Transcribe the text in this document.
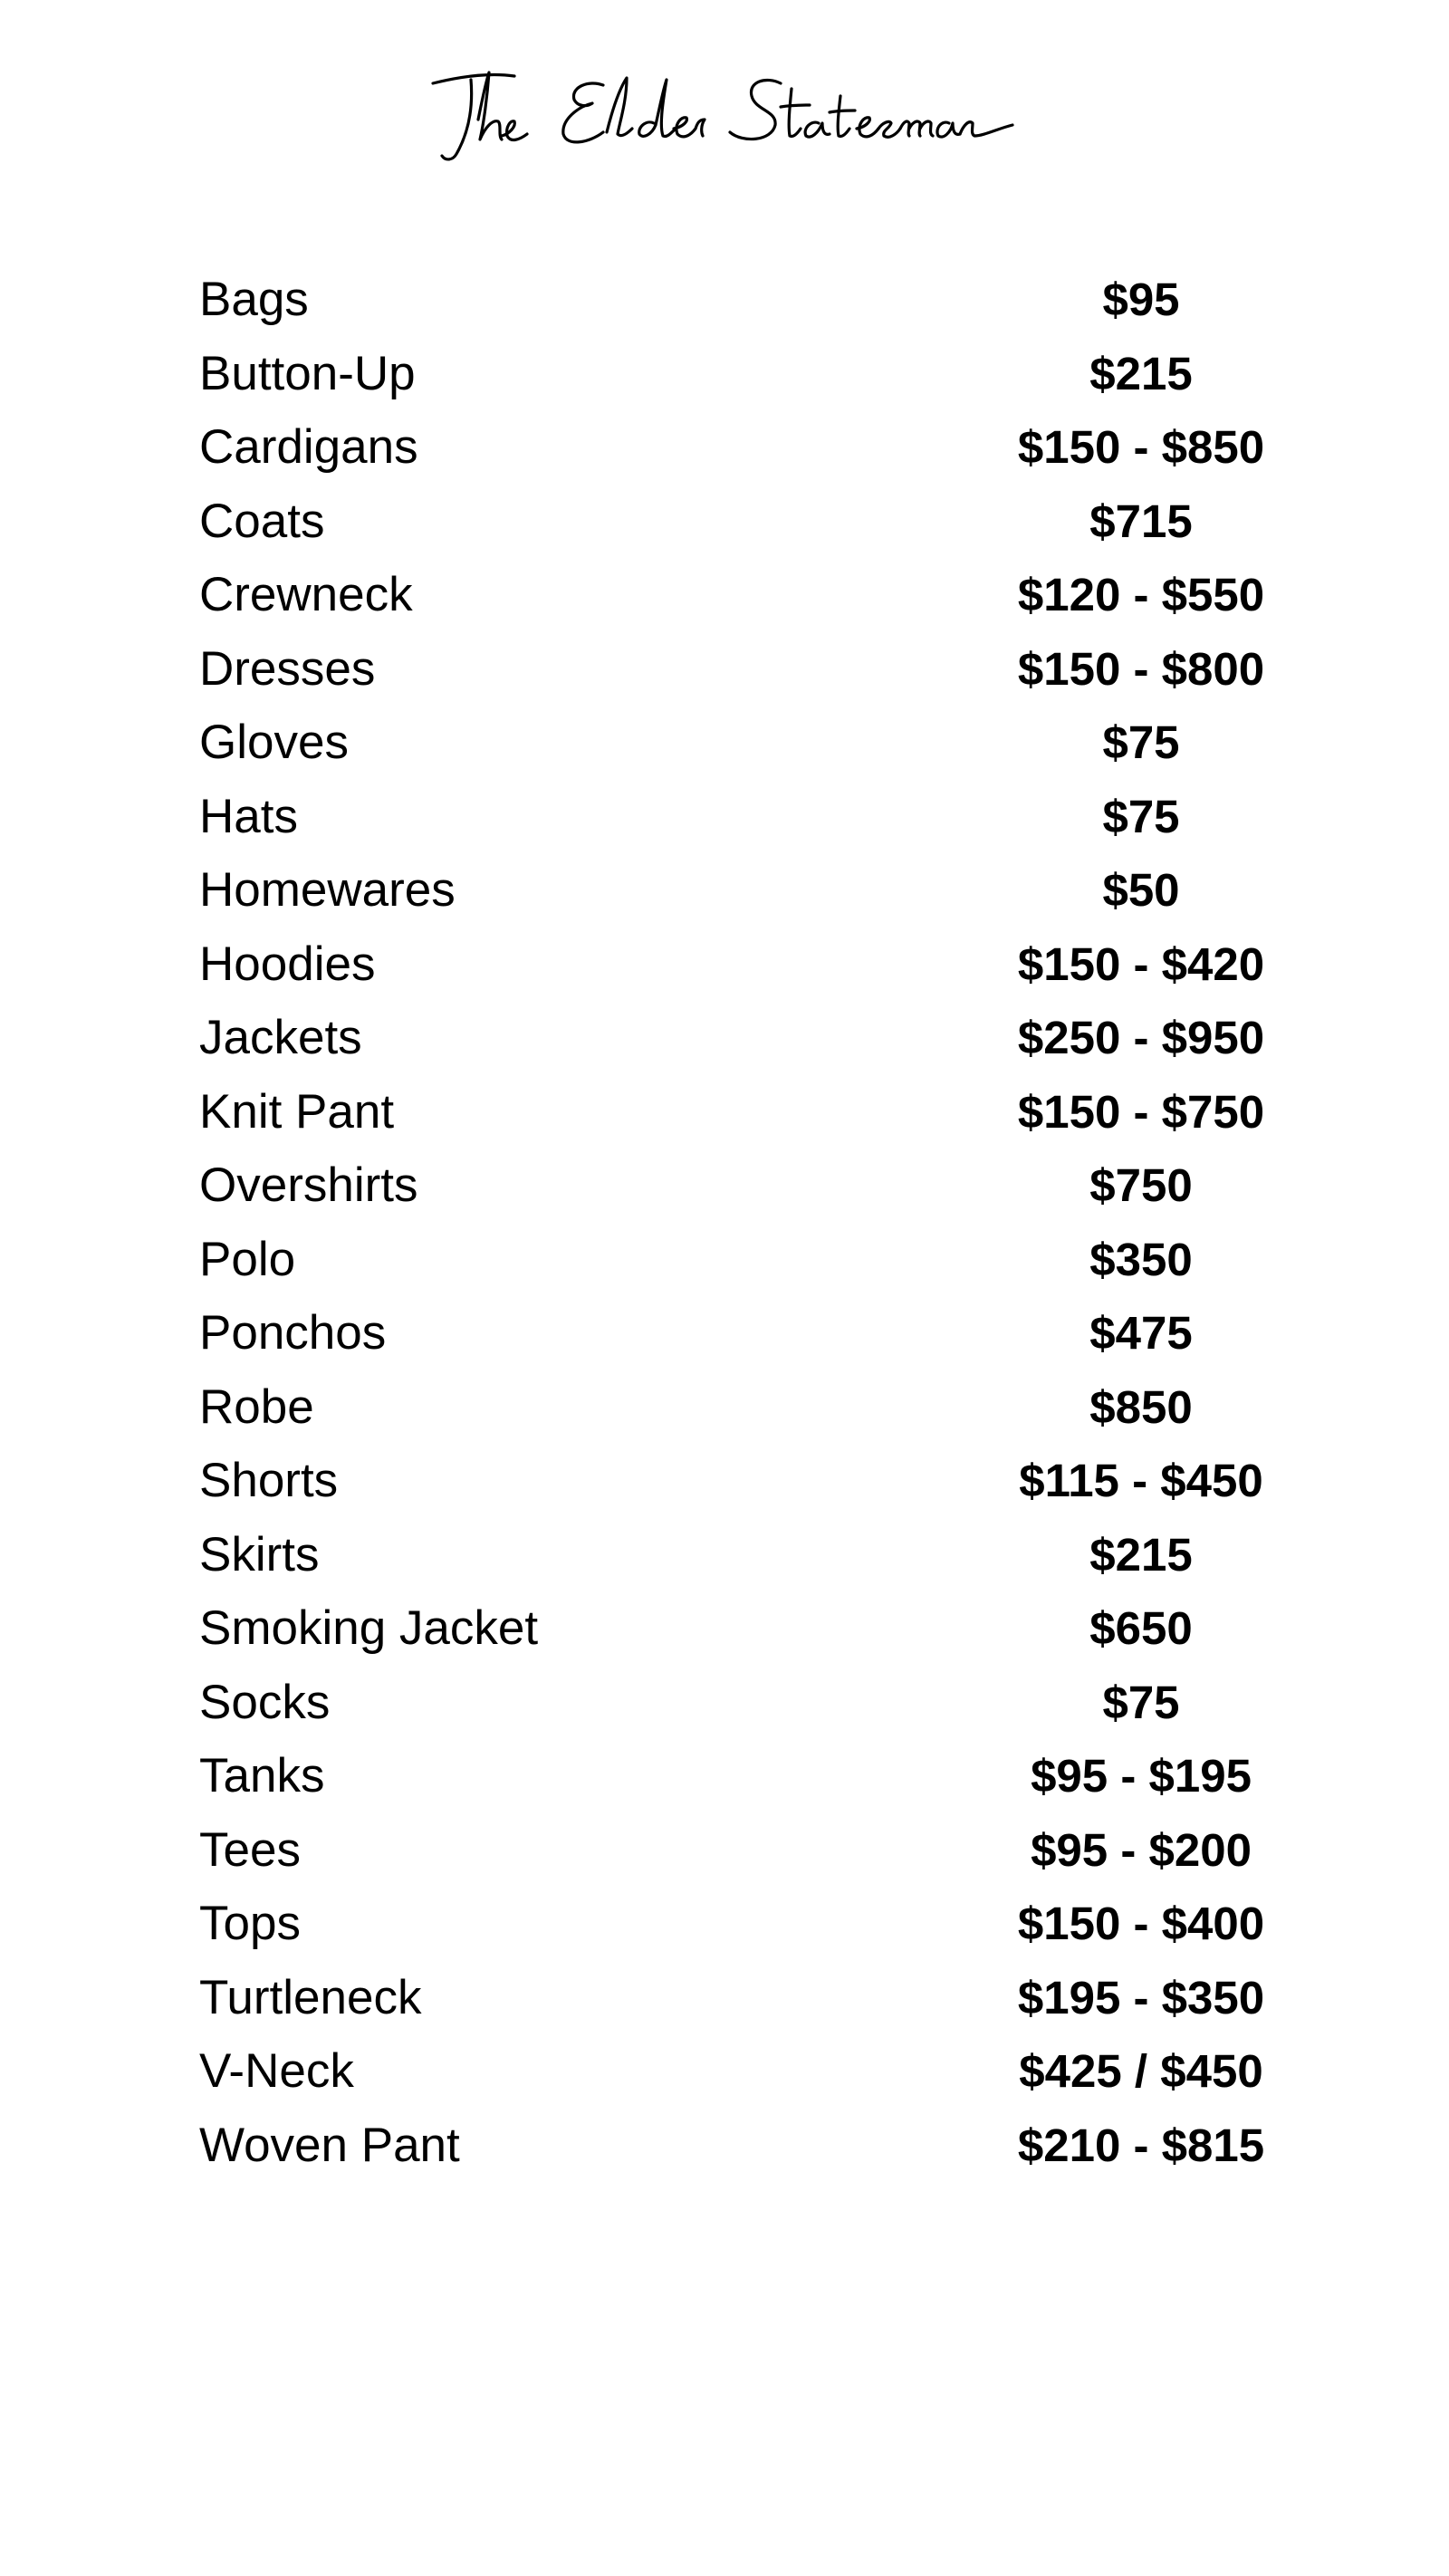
Bags	$95
Button-Up	$215
Cardigans	$150 - $850
Coats	$715
Crewneck	$120 - $550
Dresses	$150 - $800
Gloves	$75
Hats	$75
Homewares	$50
Hoodies	$150 - $420
Jackets	$250 - $950
Knit Pant	$150 - $750
Overshirts	$750
Polo	$350
Ponchos	$475
Robe	$850
Shorts	$115 - $450
Skirts	$215
Smoking Jacket	$650
Socks	$75
Tanks	$95 - $195
Tees	$95 - $200
Tops	$150 - $400
Turtleneck	$195 - $350
V-Neck	$425 / $450
Woven Pant	$210 - $815
